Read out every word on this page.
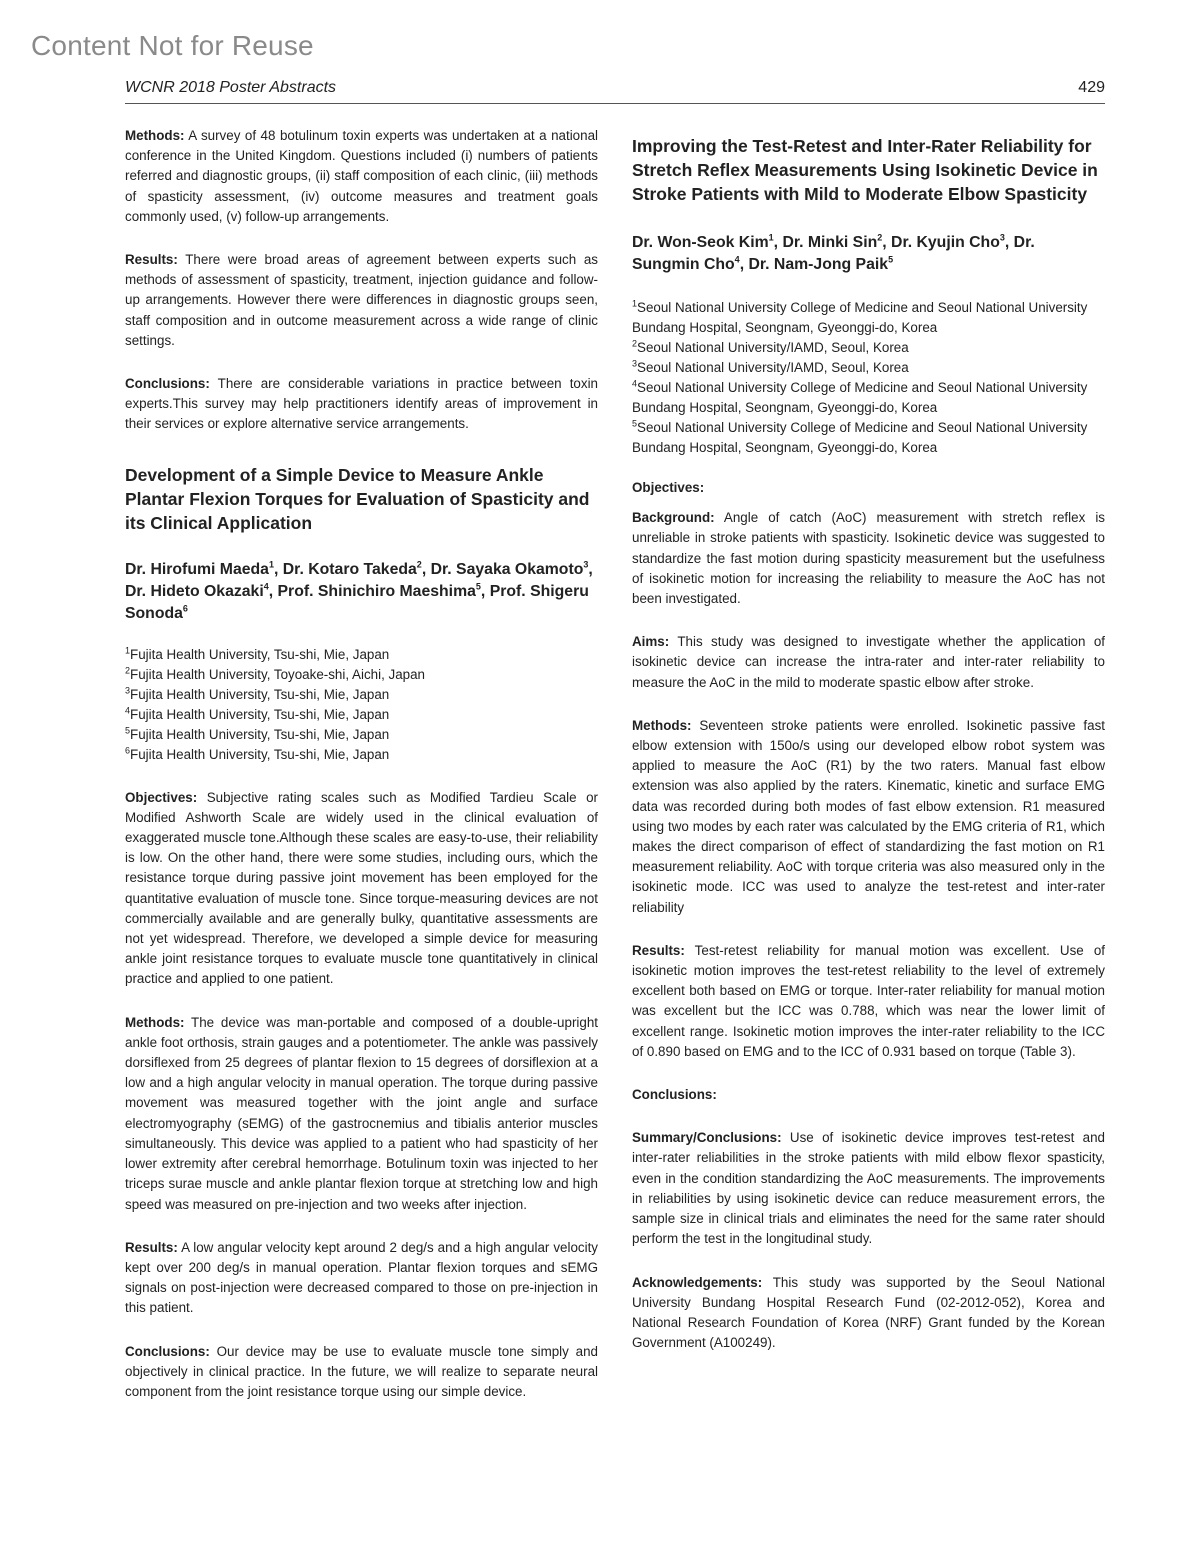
Content Not for Reuse
WCNR 2018 Poster Abstracts	429

Methods: A survey of 48 botulinum toxin experts was undertaken at a national conference in the United Kingdom. Questions included (i) numbers of patients referred and diagnostic groups, (ii) staff composition of each clinic, (iii) methods of spasticity assessment, (iv) outcome measures and treatment goals commonly used, (v) follow-up arrangements.

Results: There were broad areas of agreement between experts such as methods of assessment of spasticity, treatment, injection guidance and follow-up arrangements. However there were differences in diagnostic groups seen, staff composition and in outcome measurement across a wide range of clinic settings.

Conclusions: There are considerable variations in practice between toxin experts.This survey may help practitioners identify areas of improvement in their services or explore alternative service arrangements.

Development of a Simple Device to Measure Ankle Plantar Flexion Torques for Evaluation of Spasticity and its Clinical Application

Dr. Hirofumi Maeda$^1$, Dr. Kotaro Takeda$^2$, Dr. Sayaka Okamoto$^3$, Dr. Hideto Okazaki$^4$, Prof. Shinichiro Maeshima$^5$, Prof. Shigeru Sonoda$^6$

$^1$Fujita Health University, Tsu-shi, Mie, Japan
$^2$Fujita Health University, Toyoake-shi, Aichi, Japan
$^3$Fujita Health University, Tsu-shi, Mie, Japan
$^4$Fujita Health University, Tsu-shi, Mie, Japan
$^5$Fujita Health University, Tsu-shi, Mie, Japan
$^6$Fujita Health University, Tsu-shi, Mie, Japan

Objectives: Subjective rating scales such as Modified Tardieu Scale or Modified Ashworth Scale are widely used in the clinical evaluation of exaggerated muscle tone.Although these scales are easy-to-use, their reliability is low. On the other hand, there were some studies, including ours, which the resistance torque during passive joint movement has been employed for the quantitative evaluation of muscle tone. Since torque-measuring devices are not commercially available and are generally bulky, quantitative assessments are not yet widespread. Therefore, we developed a simple device for measuring ankle joint resistance torques to evaluate muscle tone quantitatively in clinical practice and applied to one patient.

Methods: The device was man-portable and composed of a double-upright ankle foot orthosis, strain gauges and a potentiometer. The ankle was passively dorsiflexed from 25 degrees of plantar flexion to 15 degrees of dorsiflexion at a low and a high angular velocity in manual operation. The torque during passive movement was measured together with the joint angle and surface electromyography (sEMG) of the gastrocnemius and tibialis anterior muscles simultaneously. This device was applied to a patient who had spasticity of her lower extremity after cerebral hemorrhage. Botulinum toxin was injected to her triceps surae muscle and ankle plantar flexion torque at stretching low and high speed was measured on pre-injection and two weeks after injection.

Results: A low angular velocity kept around 2 deg/s and a high angular velocity kept over 200 deg/s in manual operation. Plantar flexion torques and sEMG signals on post-injection were decreased compared to those on pre-injection in this patient.

Conclusions: Our device may be use to evaluate muscle tone simply and objectively in clinical practice. In the future, we will realize to separate neural component from the joint resistance torque using our simple device.

Improving the Test-Retest and Inter-Rater Reliability for Stretch Reflex Measurements Using Isokinetic Device in Stroke Patients with Mild to Moderate Elbow Spasticity

Dr. Won-Seok Kim$^1$, Dr. Minki Sin$^2$, Dr. Kyujin Cho$^3$, Dr. Sungmin Cho$^4$, Dr. Nam-Jong Paik$^5$

$^1$Seoul National University College of Medicine and Seoul National University Bundang Hospital, Seongnam, Gyeonggi-do, Korea
$^2$Seoul National University/IAMD, Seoul, Korea
$^3$Seoul National University/IAMD, Seoul, Korea
$^4$Seoul National University College of Medicine and Seoul National University Bundang Hospital, Seongnam, Gyeonggi-do, Korea
$^5$Seoul National University College of Medicine and Seoul National University Bundang Hospital, Seongnam, Gyeonggi-do, Korea

Objectives:

Background: Angle of catch (AoC) measurement with stretch reflex is unreliable in stroke patients with spasticity. Isokinetic device was suggested to standardize the fast motion during spasticity measurement but the usefulness of isokinetic motion for increasing the reliability to measure the AoC has not been investigated.

Aims: This study was designed to investigate whether the application of isokinetic device can increase the intra-rater and inter-rater reliability to measure the AoC in the mild to moderate spastic elbow after stroke.

Methods: Seventeen stroke patients were enrolled. Isokinetic passive fast elbow extension with 150o/s using our developed elbow robot system was applied to measure the AoC (R1) by the two raters. Manual fast elbow extension was also applied by the raters. Kinematic, kinetic and surface EMG data was recorded during both modes of fast elbow extension. R1 measured using two modes by each rater was calculated by the EMG criteria of R1, which makes the direct comparison of effect of standardizing the fast motion on R1 measurement reliability. AoC with torque criteria was also measured only in the isokinetic mode. ICC was used to analyze the test-retest and inter-rater reliability

Results: Test-retest reliability for manual motion was excellent. Use of isokinetic motion improves the test-retest reliability to the level of extremely excellent both based on EMG or torque. Inter-rater reliability for manual motion was excellent but the ICC was 0.788, which was near the lower limit of excellent range. Isokinetic motion improves the inter-rater reliability to the ICC of 0.890 based on EMG and to the ICC of 0.931 based on torque (Table 3).

Conclusions:

Summary/Conclusions: Use of isokinetic device improves test-retest and inter-rater reliabilities in the stroke patients with mild elbow flexor spasticity, even in the condition standardizing the AoC measurements. The improvements in reliabilities by using isokinetic device can reduce measurement errors, the sample size in clinical trials and eliminates the need for the same rater should perform the test in the longitudinal study.

Acknowledgements: This study was supported by the Seoul National University Bundang Hospital Research Fund (02-2012-052), Korea and National Research Foundation of Korea (NRF) Grant funded by the Korean Government (A100249).
